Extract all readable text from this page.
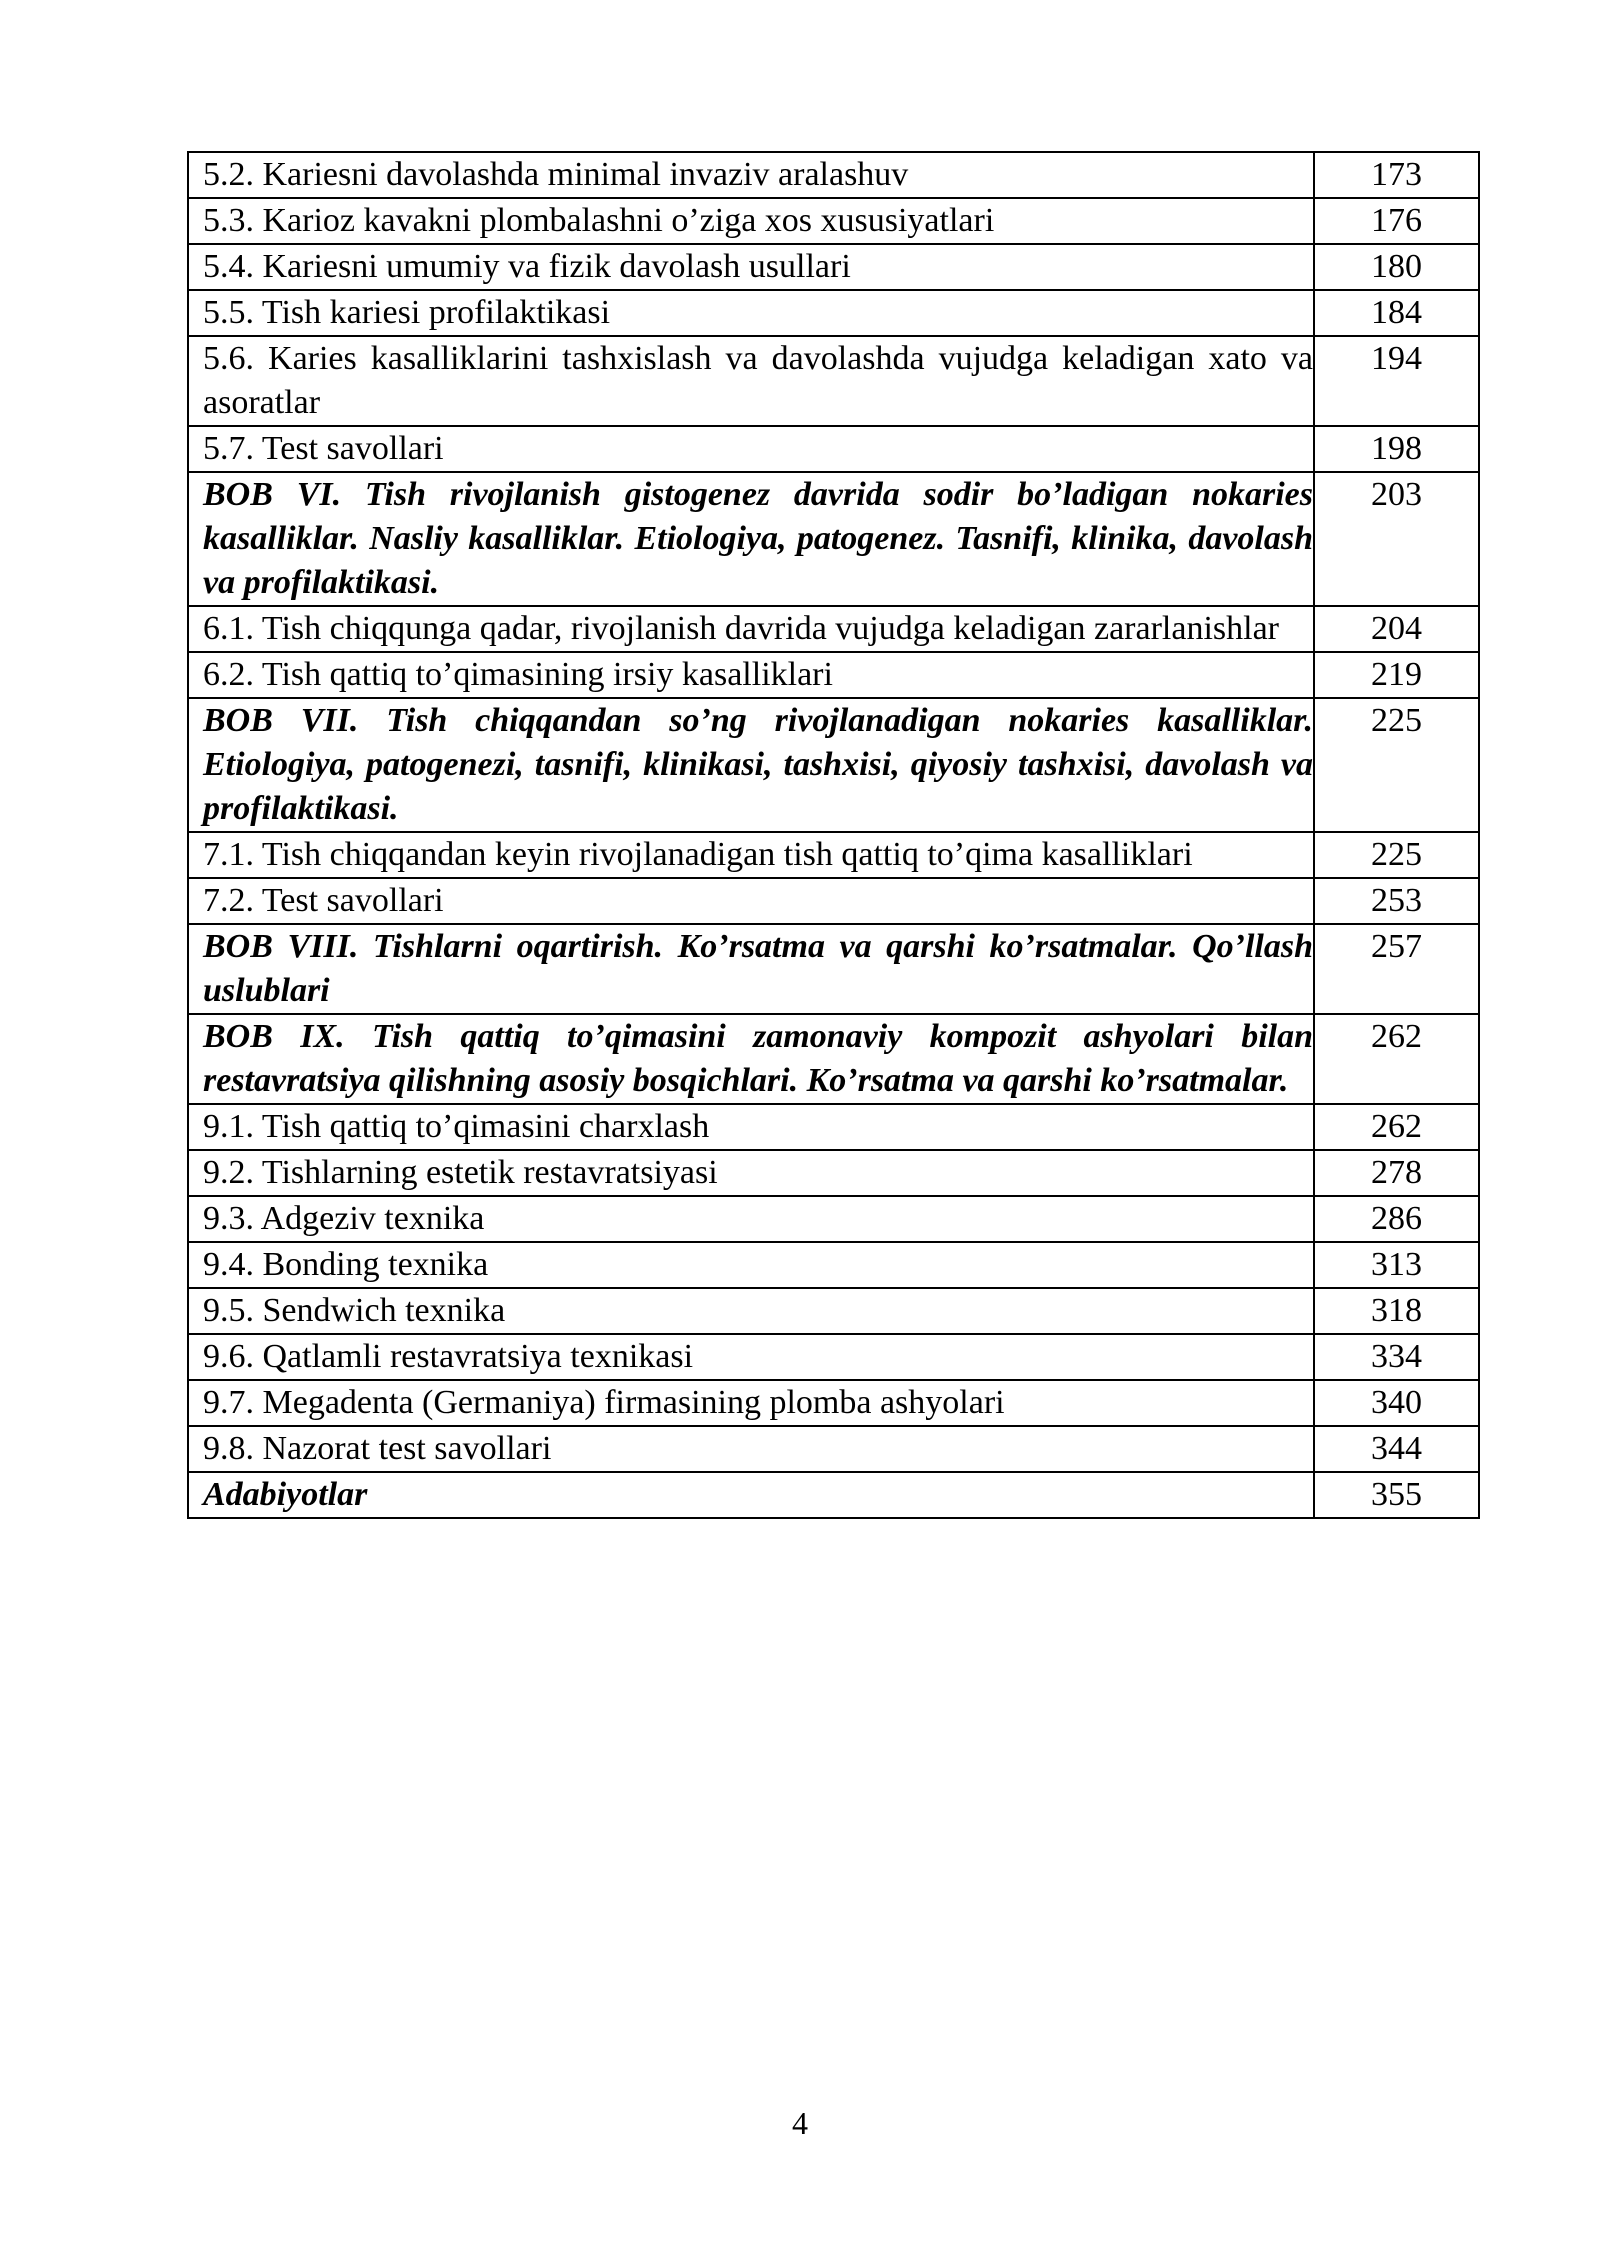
5.2. Kariesni davolashda minimal invaziv aralashuv	173
5.3. Karioz kavakni plombalashni o’ziga xos xususiyatlari	176
5.4. Kariesni umumiy va fizik davolash usullari	180
5.5. Tish kariesi profilaktikasi	184
5.6. Karies kasalliklarini tashxislash va davolashda vujudga keladigan xato va asoratlar	194
5.7. Test savollari	198
BOB VI. Tish rivojlanish gistogenez davrida sodir bo’ladigan nokaries kasalliklar. Nasliy kasalliklar. Etiologiya, patogenez. Tasnifi, klinika, davolash va profilaktikasi.	203
6.1. Tish chiqqunga qadar, rivojlanish davrida vujudga keladigan zararlanishlar	204
6.2. Tish qattiq to’qimasining irsiy kasalliklari	219
BOB VII. Tish chiqqandan so’ng rivojlanadigan nokaries kasalliklar. Etiologiya, patogenezi, tasnifi, klinikasi, tashxisi, qiyosiy tashxisi, davolash va profilaktikasi.	225
7.1. Tish chiqqandan keyin rivojlanadigan tish qattiq to’qima kasalliklari	225
7.2. Test savollari	253
BOB VIII. Tishlarni oqartirish. Ko’rsatma va qarshi ko’rsatmalar. Qo’llash uslublari	257
BOB IX. Tish qattiq to’qimasini zamonaviy kompozit ashyolari bilan restavratsiya qilishning asosiy bosqichlari. Ko’rsatma va qarshi ko’rsatmalar.	262
9.1. Tish qattiq to’qimasini charxlash	262
9.2. Tishlarning estetik restavratsiyasi	278
9.3. Adgeziv texnika	286
9.4. Bonding texnika	313
9.5. Sendwich texnika	318
9.6. Qatlamli restavratsiya texnikasi	334
9.7. Megadenta (Germaniya) firmasining plomba ashyolari	340
9.8. Nazorat test savollari	344
Adabiyotlar	355
4
